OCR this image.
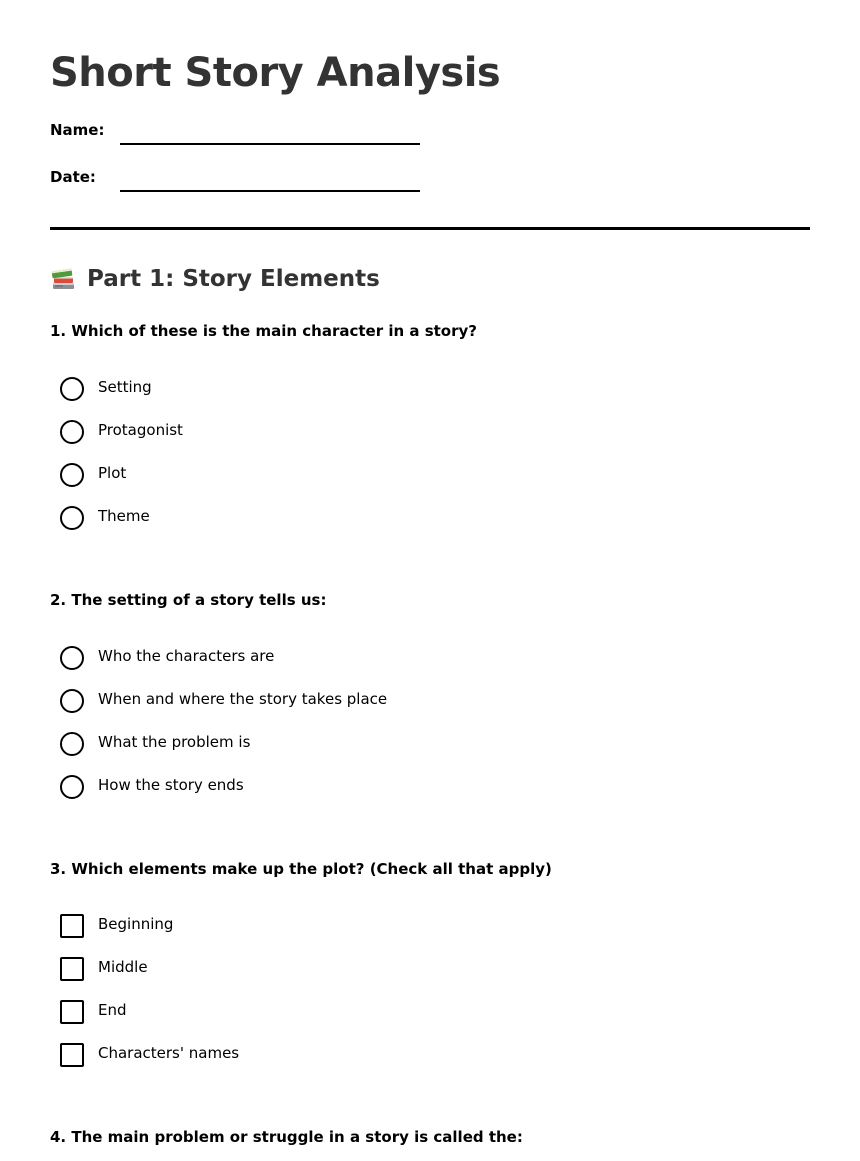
Short Story Analysis
Name:
Date:
Part 1: Story Elements

1. Which of these is the main character in a story?

Setting
Protagonist
Plot
Theme

2. The setting of a story tells us:

Who the characters are
When and where the story takes place
What the problem is
How the story ends

3. Which elements make up the plot? (Check all that apply)

Beginning
Middle
End
Characters' names

4. The main problem or struggle in a story is called the:
